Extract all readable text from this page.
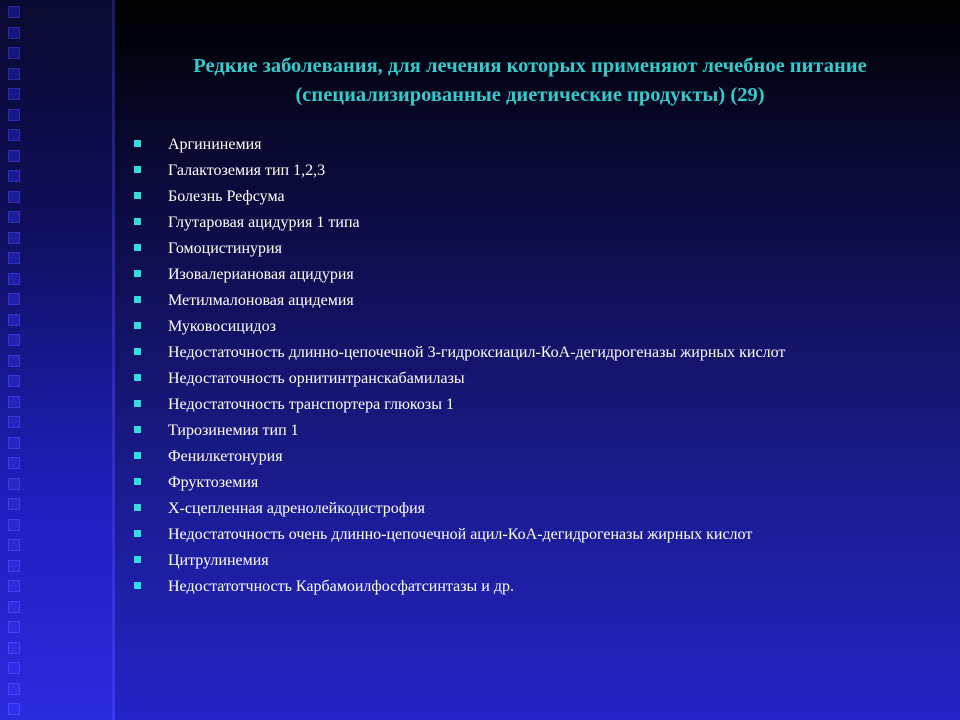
Редкие заболевания, для лечения которых применяют лечебное питание
(специализированные диетические продукты) (29)
Аргининемия
Галактоземия тип 1,2,3
Болезнь Рефсума
Глутаровая ацидурия 1 типа
Гомоцистинурия
Изовалериановая ацидурия
Метилмалоновая ацидемия
Муковосицидоз
Недостаточность длинно-цепочечной 3-гидроксиацил-КоА-дегидрогеназы жирных кислот
Недостаточность орнитинтранскабамилазы
Недостаточность транспортера глюкозы 1
Тирозинемия тип 1
Фенилкетонурия
Фруктоземия
Х-сцепленная адренолейкодистрофия
Недостаточность очень длинно-цепочечной ацил-КоА-дегидрогеназы жирных кислот
Цитрулинемия
Недостатотчность Карбамоилфосфатсинтазы и др.
